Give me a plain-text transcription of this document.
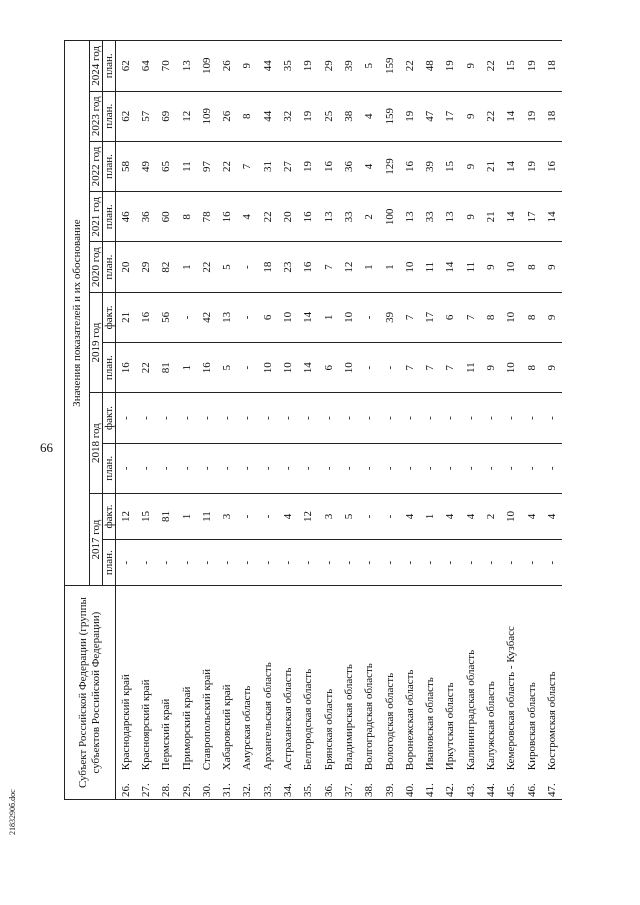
66
2183290б.doc
Субъект Российской Федерации (группы субъектов Российской Федерации)		Значения показателей и их обоснование										
		2017 год		2018 год		2019 год		2020 год	2021 год	2022 год	2023 год	2024 год
		план.	факт.	план.	факт.	план.	факт.	план.	план.	план.	план.	план.
26.	Краснодарский край	-	12	-	-	16	21	20	46	58	62	62
27.	Красноярский край	-	15	-	-	22	16	29	36	49	57	64
28.	Пермский край	-	81	-	-	81	56	82	60	65	69	70
29.	Приморский край	-	1	-	-	1	-	1	8	11	12	13
30.	Ставропольский край	-	11	-	-	16	42	22	78	97	109	109
31.	Хабаровский край	-	3	-	-	5	13	5	16	22	26	26
32.	Амурская область	-	-	-	-	-	-	-	4	7	8	9
33.	Архангельская область	-	-	-	-	10	6	18	22	31	44	44
34.	Астраханская область	-	4	-	-	10	10	23	20	27	32	35
35.	Белгородская область	-	12	-	-	14	14	16	16	19	19	19
36.	Брянская область	-	3	-	-	6	1	7	13	16	25	29
37.	Владимирская область	-	5	-	-	10	10	12	33	36	38	39
38.	Волгоградская область	-	-	-	-	-	-	1	2	4	4	5
39.	Вологодская область	-	-	-	-	-	39	1	100	129	159	159
40.	Воронежская область	-	4	-	-	7	7	10	13	16	19	22
41.	Ивановская область	-	1	-	-	7	17	11	33	39	47	48
42.	Иркутская область	-	4	-	-	7	6	14	13	15	17	19
43.	Калининградская область	-	4	-	-	11	7	11	9	9	9	9
44.	Калужская область	-	2	-	-	9	8	9	21	21	22	22
45.	Кемеровская область - Кузбасс	-	10	-	-	10	10	10	14	14	14	15
46.	Кировская область	-	4	-	-	8	8	8	17	19	19	19
47.	Костромская область	-	4	-	-	9	9	9	14	16	18	18
